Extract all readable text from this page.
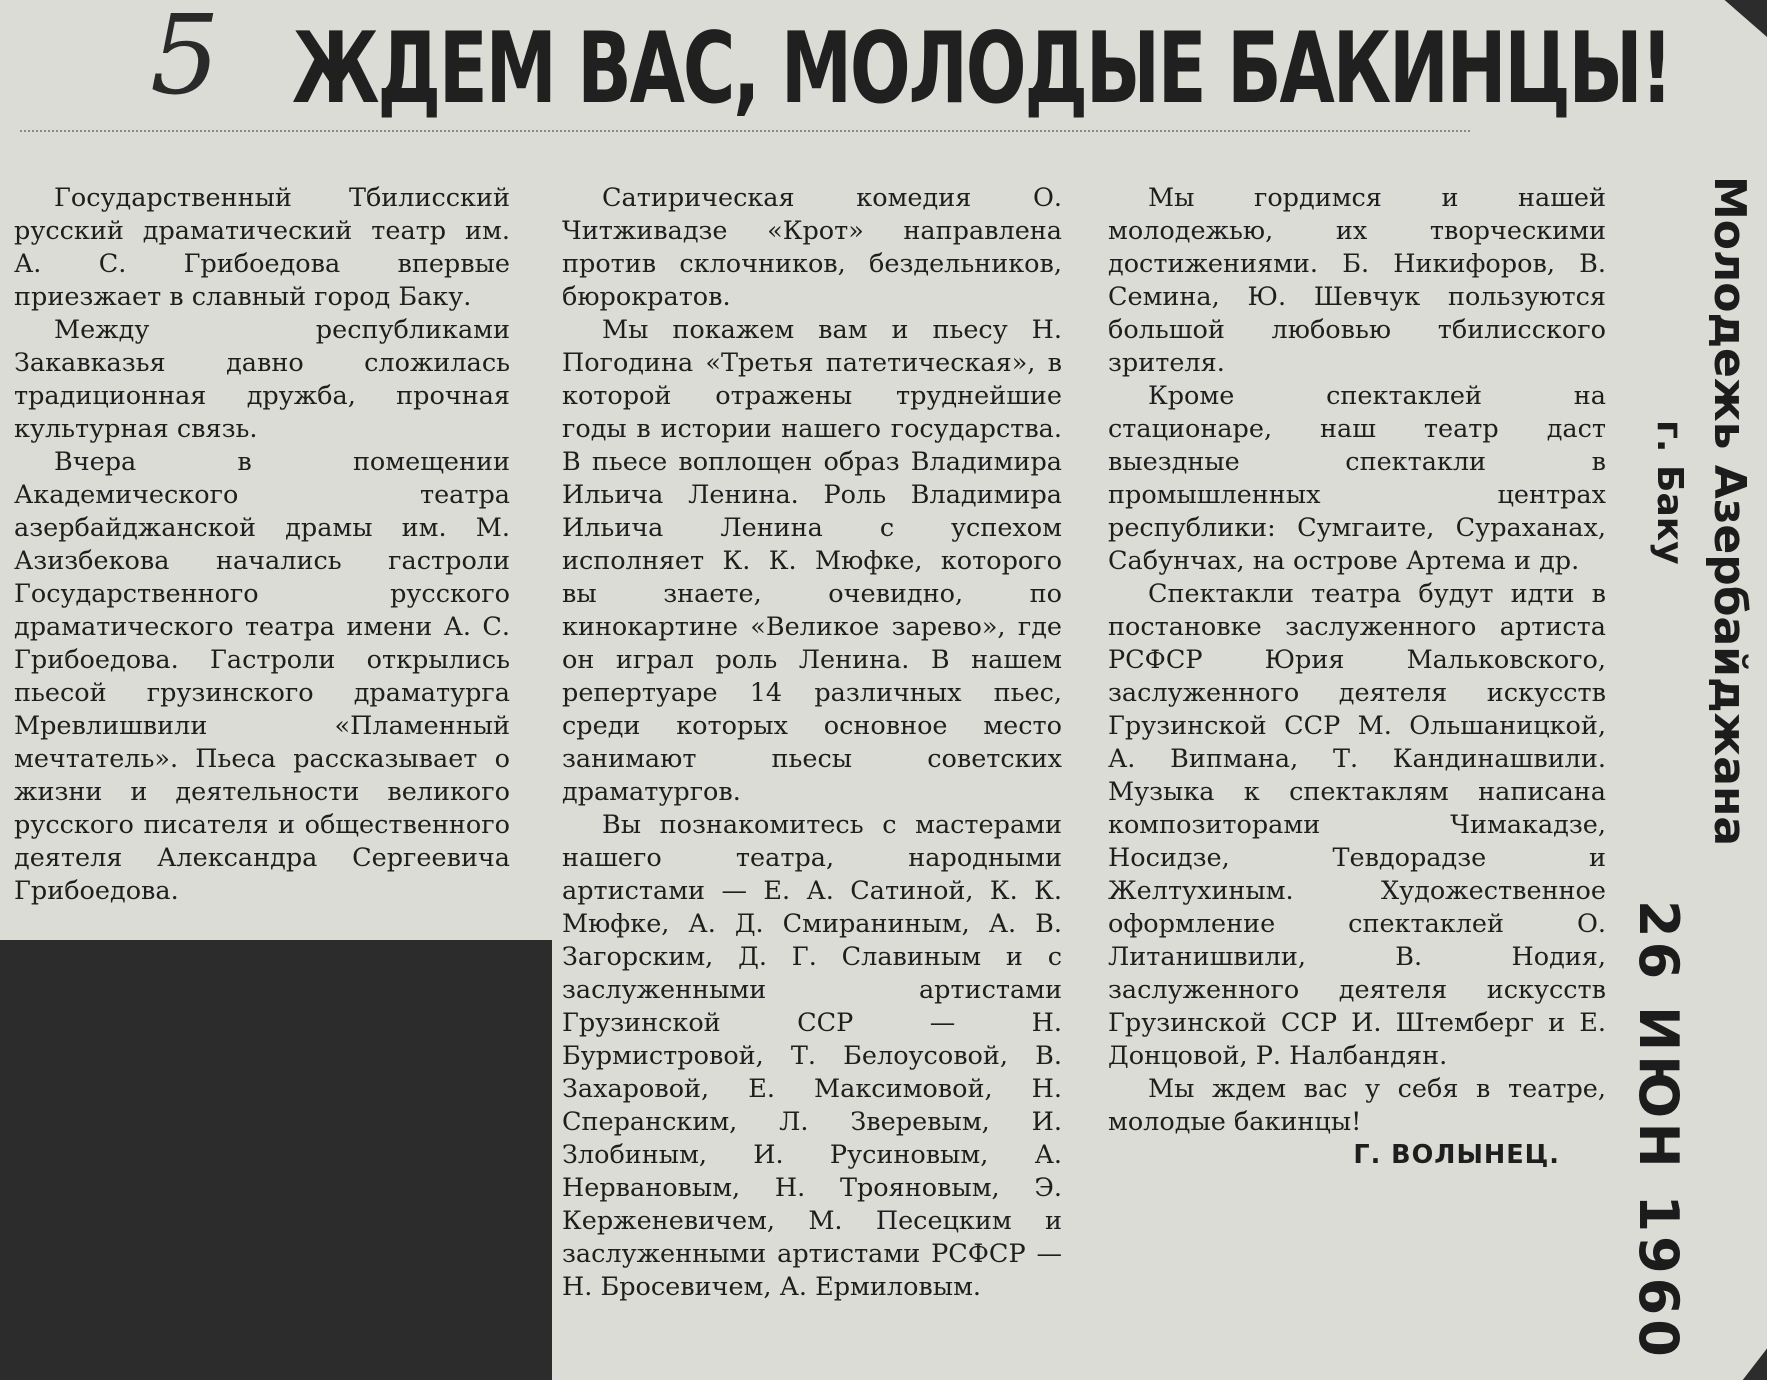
5 ЖДЕМ ВАС, МОЛОДЫЕ БАКИНЦЫ!

Государственный Тбилисский русский драматический театр им. А. С. Грибоедова впервые приезжает в славный город Баку.

Между республиками Закавказья давно сложилась традиционная дружба, прочная культурная связь.

Вчера в помещении Академического театра азербайджанской драмы им. М. Азизбекова начались гастроли Государственного русского драматического театра имени А. С. Грибоедова. Гастроли открылись пьесой грузинского драматурга Мревлишвили «Пламенный мечтатель». Пьеса рассказывает о жизни и деятельности великого русского писателя и общественного деятеля Александра Сергеевича Грибоедова.

Сатирическая комедия О. Читживадзе «Крот» направлена против склочников, бездельников, бюрократов.

Мы покажем вам и пьесу Н. Погодина «Третья патетическая», в которой отражены труднейшие годы в истории нашего государства. В пьесе воплощен образ Владимира Ильича Ленина. Роль Владимира Ильича Ленина с успехом исполняет К. К. Мюфке, которого вы знаете, очевидно, по кинокартине «Великое зарево», где он играл роль Ленина. В нашем репертуаре 14 различных пьес, среди которых основное место занимают пьесы советских драматургов.

Вы познакомитесь с мастерами нашего театра, народными артистами — Е. А. Сатиной, К. К. Мюфке, А. Д. Смираниным, А. В. Загорским, Д. Г. Славиным и с заслуженными артистами Грузинской ССР — Н. Бурмистровой, Т. Белоусовой, В. Захаровой, Е. Максимовой, Н. Сперанским, Л. Зверевым, И. Злобиным, И. Русиновым, А. Нервановым, Н. Трояновым, Э. Керженевичем, М. Песецким и заслуженными артистами РСФСР — Н. Бросевичем, А. Ермиловым.

Мы гордимся и нашей молодежью, их творческими достижениями. Б. Никифоров, В. Семина, Ю. Шевчук пользуются большой любовью тбилисского зрителя.

Кроме спектаклей на стационаре, наш театр даст выездные спектакли в промышленных центрах республики: Сумгаите, Сураханах, Сабунчах, на острове Артема и др.

Спектакли театра будут идти в постановке заслуженного артиста РСФСР Юрия Мальковского, заслуженного деятеля искусств Грузинской ССР М. Ольшаницкой, А. Випмана, Т. Кандинашвили. Музыка к спектаклям написана композиторами Чимакадзе, Носидзе, Тевдорадзе и Желтухиным. Художественное оформление спектаклей О. Литанишвили, В. Нодия, заслуженного деятеля искусств Грузинской ССР И. Штемберг и Е. Донцовой, Р. Налбандян.

Мы ждем вас у себя в театре, молодые бакинцы!

Г. ВОЛЫНЕЦ.
Молодежь Азербайджана
г. Баку
26 ИЮН 1960
